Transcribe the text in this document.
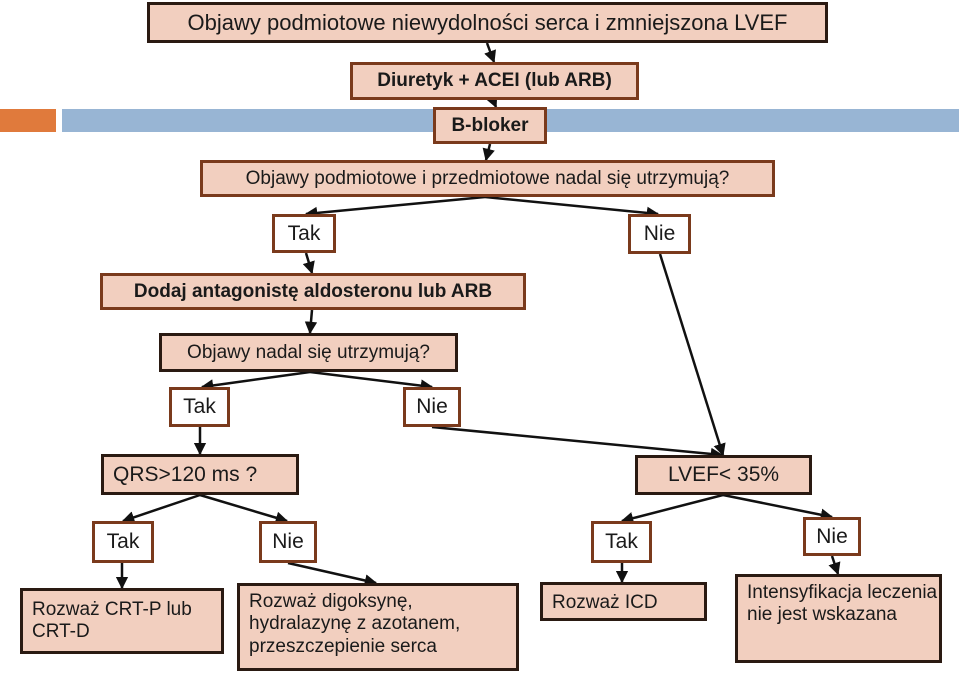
Objawy podmiotowe niewydolności serca i zmniejszona LVEF
Diuretyk + ACEI (lub ARB)
B-bloker
Objawy podmiotowe i przedmiotowe nadal się utrzymują?
Tak	Nie
Dodaj antagonistę aldosteronu lub ARB
Objawy nadal się utrzymują?
Tak	Nie
QRS>120 ms ?	LVEF< 35%
Tak	Nie	Tak	Nie
Rozważ CRT-P lub CRT-D
Rozważ digoksynę, hydralazynę z azotanem, przeszczepienie serca
Rozważ ICD	Intensyfikacja leczenia nie jest wskazana
